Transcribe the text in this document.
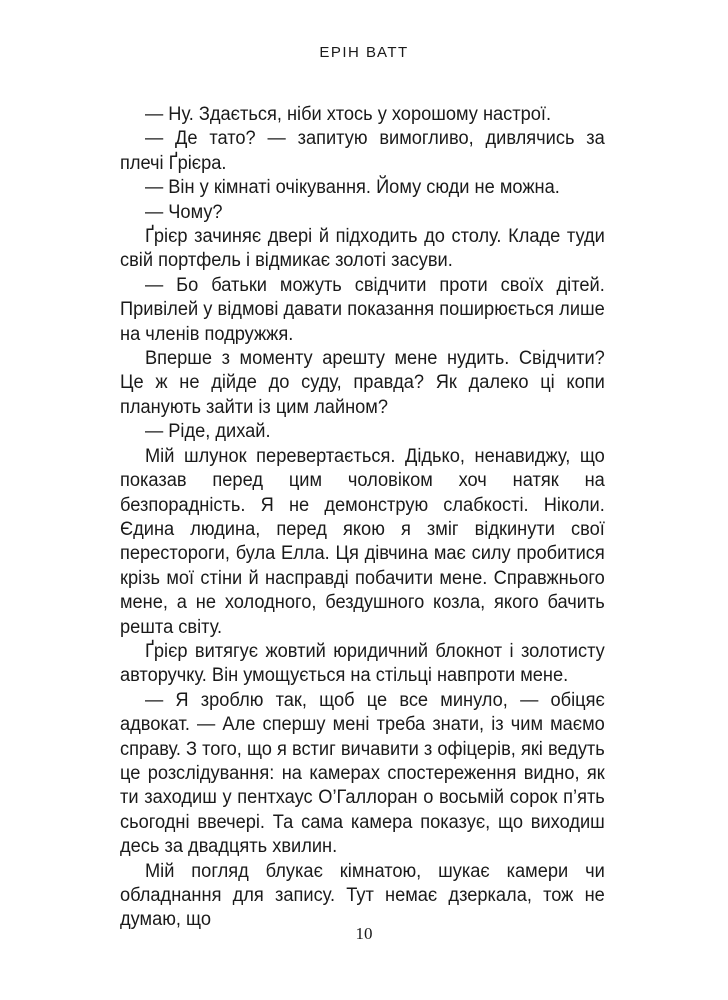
ЕРІН ВАТТ

— Ну. Здається, ніби хтось у хорошому настрої.

— Де тато? — запитую вимогливо, дивлячись за плечі Ґрієра.

— Він у кімнаті очікування. Йому сюди не можна.

— Чому?

Ґрієр зачиняє двері й підходить до столу. Кладе туди свій портфель і відмикає золоті засуви.

— Бо батьки можуть свідчити проти своїх дітей. Привілей у відмові давати показання поширюється лише на членів подружжя.

Вперше з моменту арешту мене нудить. Свідчити? Це ж не дійде до суду, правда? Як далеко ці копи планують зайти із цим лайном?

— Ріде, дихай.

Мій шлунок перевертається. Дідько, ненавиджу, що показав перед цим чоловіком хоч натяк на безпорадність. Я не демонструю слабкості. Ніколи. Єдина людина, перед якою я зміг відкинути свої перестороги, була Елла. Ця дівчина має силу пробитися крізь мої стіни й насправді побачити мене. Справжнього мене, а не холодного, бездушного козла, якого бачить решта світу.

Ґрієр витягує жовтий юридичний блокнот і золотисту авторучку. Він умощується на стільці навпроти мене.

— Я зроблю так, щоб це все минуло, — обіцяє адвокат. — Але спершу мені треба знати, із чим маємо справу. З того, що я встиг вичавити з офіцерів, які ведуть це розслідування: на камерах спостереження видно, як ти заходиш у пентхаус О’Галлоран о восьмій сорок п’ять сьогодні ввечері. Та сама камера показує, що виходиш десь за двадцять хвилин.

Мій погляд блукає кімнатою, шукає камери чи обладнання для запису. Тут немає дзеркала, тож не думаю, що

10
